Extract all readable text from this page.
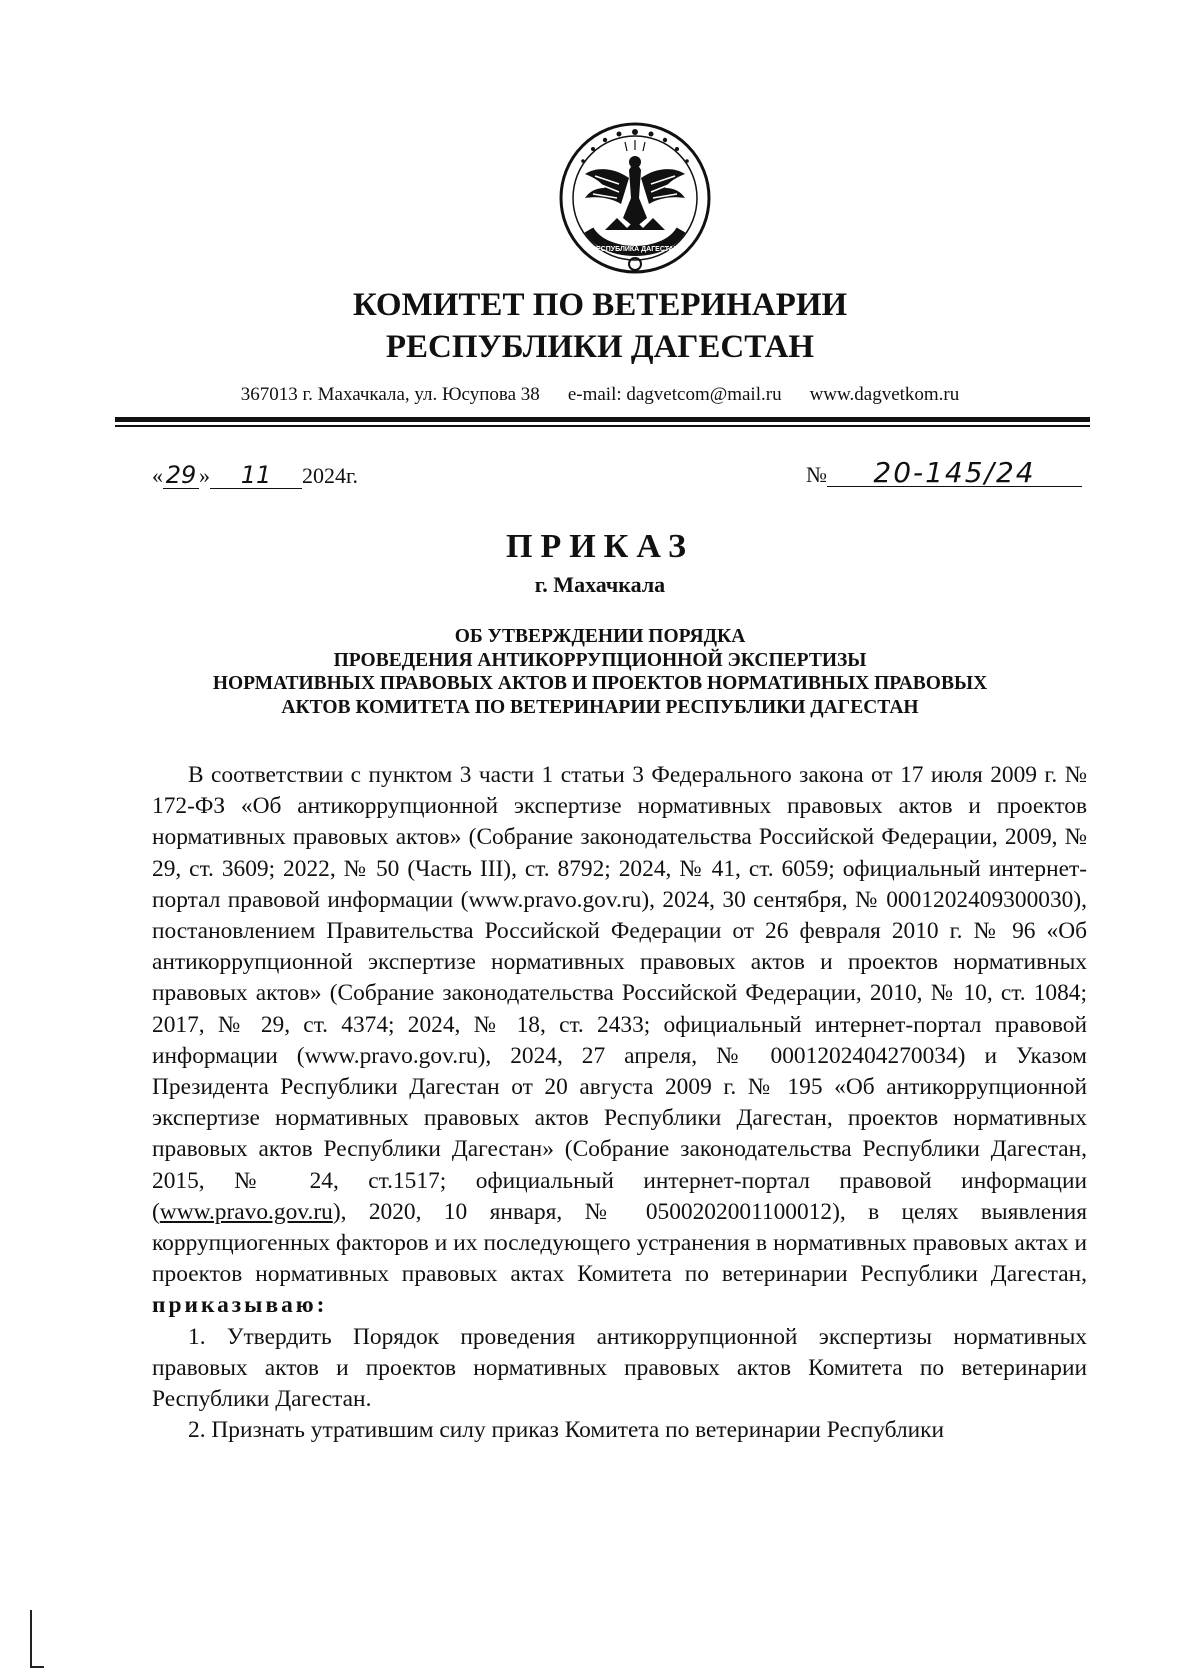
РЕСПУБЛИКА ДАГЕСТАН
КОМИТЕТ ПО ВЕТЕРИНАРИИ
РЕСПУБЛИКИ ДАГЕСТАН
367013 г. Махачкала, ул. Юсупова 38 e-mail: dagvetcom@mail.ru www.dagvetkom.ru
« 29 » 11 2024г.	№ 20-145/24
ПРИКАЗ
г. Махачкала
ОБ УТВЕРЖДЕНИИ ПОРЯДКА
ПРОВЕДЕНИЯ АНТИКОРРУПЦИОННОЙ ЭКСПЕРТИЗЫ
НОРМАТИВНЫХ ПРАВОВЫХ АКТОВ И ПРОЕКТОВ НОРМАТИВНЫХ ПРАВОВЫХ
АКТОВ КОМИТЕТА ПО ВЕТЕРИНАРИИ РЕСПУБЛИКИ ДАГЕСТАН

В соответствии с пунктом 3 части 1 статьи 3 Федерального закона от 17 июля 2009 г. № 172-ФЗ «Об антикоррупционной экспертизе нормативных правовых актов и проектов нормативных правовых актов» (Собрание законодательства Российской Федерации, 2009, № 29, ст. 3609; 2022, № 50 (Часть III), ст. 8792; 2024, № 41, ст. 6059; официальный интернет-портал правовой информации (www.pravo.gov.ru), 2024, 30 сентября, № 0001202409300030), постановлением Правительства Российской Федерации от 26 февраля 2010 г. № 96 «Об антикоррупционной экспертизе нормативных правовых актов и проектов нормативных правовых актов» (Собрание законодательства Российской Федерации, 2010, № 10, ст. 1084; 2017, № 29, ст. 4374; 2024, № 18, ст. 2433; официальный интернет-портал правовой информации (www.pravo.gov.ru), 2024, 27 апреля, № 0001202404270034) и Указом Президента Республики Дагестан от 20 августа 2009 г. № 195 «Об антикоррупционной экспертизе нормативных правовых актов Республики Дагестан, проектов нормативных правовых актов Республики Дагестан» (Собрание законодательства Республики Дагестан, 2015, № 24, ст.1517; официальный интернет-портал правовой информации (www.pravo.gov.ru), 2020, 10 января, № 0500202001100012), в целях выявления коррупциогенных факторов и их последующего устранения в нормативных правовых актах и проектов нормативных правовых актах Комитета по ветеринарии Республики Дагестан, приказываю:

1. Утвердить Порядок проведения антикоррупционной экспертизы нормативных правовых актов и проектов нормативных правовых актов Комитета по ветеринарии Республики Дагестан.

2. Признать утратившим силу приказ Комитета по ветеринарии Республики
